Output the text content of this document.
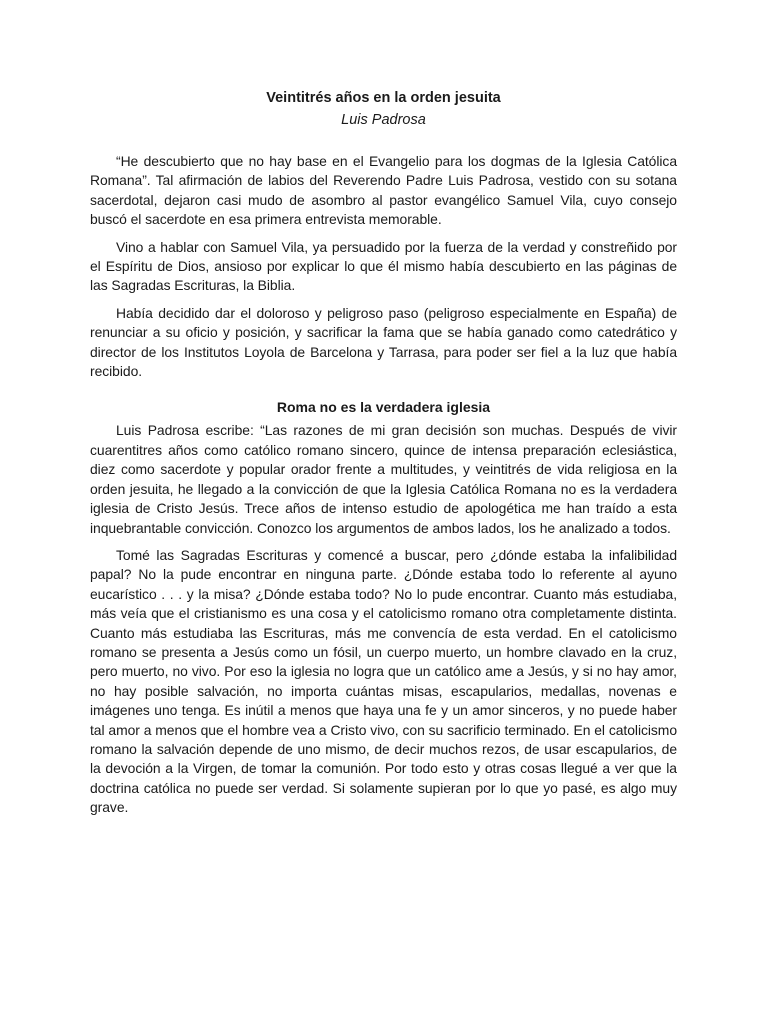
Veintitrés años en la orden jesuita

Luis Padrosa

“He descubierto que no hay base en el Evangelio para los dogmas de la Iglesia Católica Romana”. Tal afirmación de labios del Reverendo Padre Luis Padrosa, vestido con su sotana sacerdotal, dejaron casi mudo de asombro al pastor evangélico Samuel Vila, cuyo consejo buscó el sacerdote en esa primera entrevista memorable.

Vino a hablar con Samuel Vila, ya persuadido por la fuerza de la verdad y constreñido por el Espíritu de Dios, ansioso por explicar lo que él mismo había descubierto en las páginas de las Sagradas Escrituras, la Biblia.

Había decidido dar el doloroso y peligroso paso (peligroso especialmente en España) de renunciar a su oficio y posición, y sacrificar la fama que se había ganado como catedrático y director de los Institutos Loyola de Barcelona y Tarrasa, para poder ser fiel a la luz que había recibido.

Roma no es la verdadera iglesia

Luis Padrosa escribe: “Las razones de mi gran decisión son muchas. Después de vivir cuarentitres años como católico romano sincero, quince de intensa preparación eclesiástica, diez como sacerdote y popular orador frente a multitudes, y veintitrés de vida religiosa en la orden jesuita, he llegado a la convicción de que la Iglesia Católica Romana no es la verdadera iglesia de Cristo Jesús. Trece años de intenso estudio de apologética me han traído a esta inquebrantable convicción. Conozco los argumentos de ambos lados, los he analizado a todos.

Tomé las Sagradas Escrituras y comencé a buscar, pero ¿dónde estaba la infalibilidad papal? No la pude encontrar en ninguna parte. ¿Dónde estaba todo lo referente al ayuno eucarístico . . . y la misa? ¿Dónde estaba todo? No lo pude encontrar. Cuanto más estudiaba, más veía que el cristianismo es una cosa y el catolicismo romano otra completamente distinta. Cuanto más estudiaba las Escrituras, más me convencía de esta verdad. En el catolicismo romano se presenta a Jesús como un fósil, un cuerpo muerto, un hombre clavado en la cruz, pero muerto, no vivo. Por eso la iglesia no logra que un católico ame a Jesús, y si no hay amor, no hay posible salvación, no importa cuántas misas, escapularios, medallas, novenas e imágenes uno tenga. Es inútil a menos que haya una fe y un amor sinceros, y no puede haber tal amor a menos que el hombre vea a Cristo vivo, con su sacrificio terminado. En el catolicismo romano la salvación depende de uno mismo, de decir muchos rezos, de usar escapularios, de la devoción a la Virgen, de tomar la comunión. Por todo esto y otras cosas llegué a ver que la doctrina católica no puede ser verdad. Si solamente supieran por lo que yo pasé, es algo muy grave.
